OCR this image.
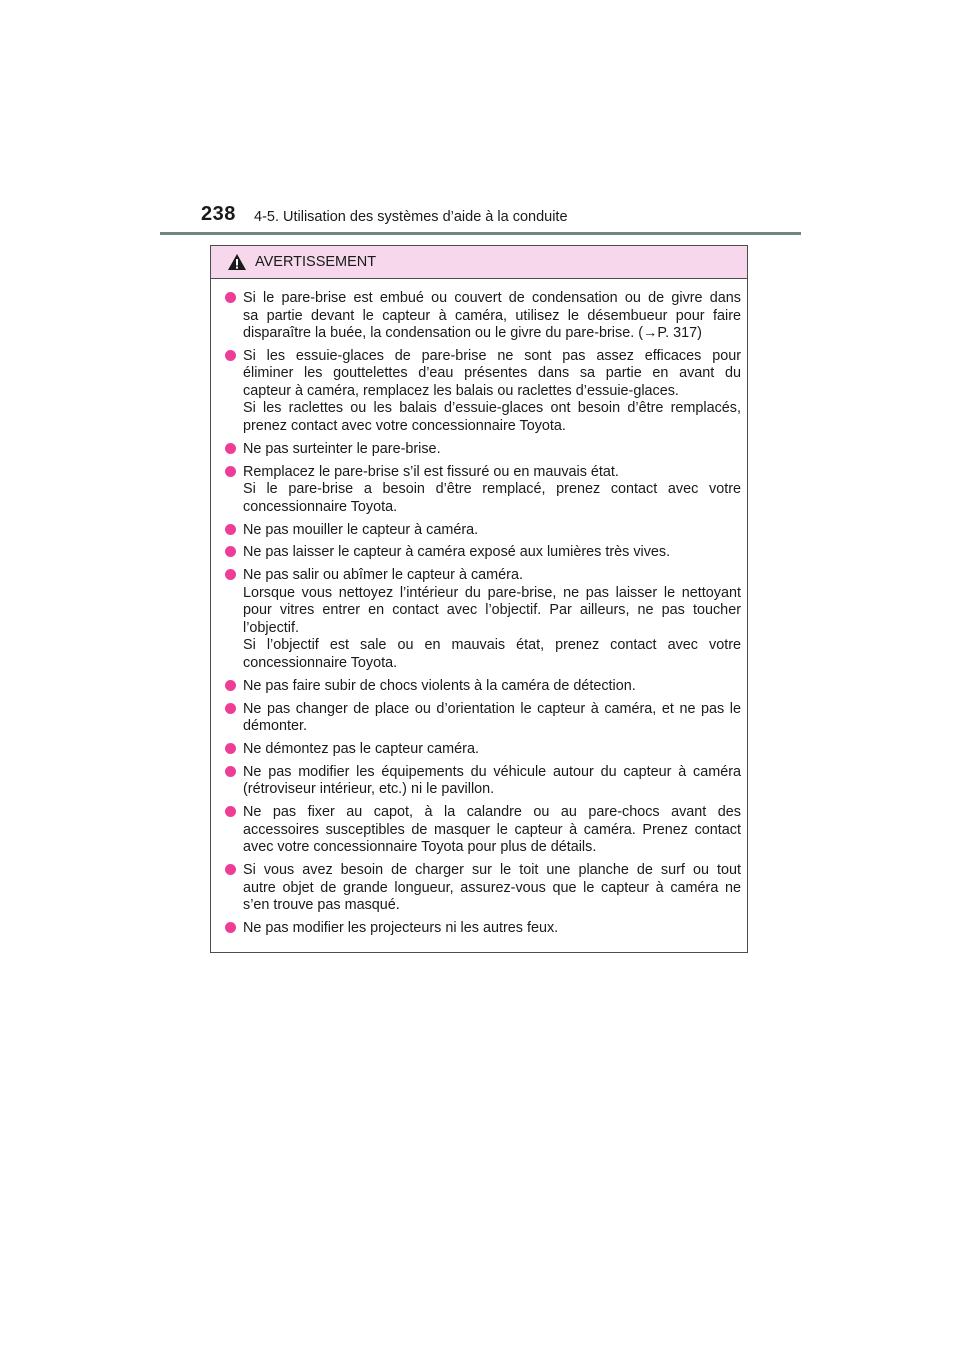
238 4-5. Utilisation des systèmes d’aide à la conduite
AVERTISSEMENT
Si le pare-brise est embué ou couvert de condensation ou de givre dans
sa partie devant le capteur à caméra, utilisez le désembueur pour faire
disparaître la buée, la condensation ou le givre du pare-brise. (→P. 317)
Si les essuie-glaces de pare-brise ne sont pas assez efficaces pour
éliminer les gouttelettes d’eau présentes dans sa partie en avant du
capteur à caméra, remplacez les balais ou raclettes d’essuie-glaces.
Si les raclettes ou les balais d’essuie-glaces ont besoin d’être remplacés,
prenez contact avec votre concessionnaire Toyota.
Ne pas surteinter le pare-brise.
Remplacez le pare-brise s’il est fissuré ou en mauvais état.
Si le pare-brise a besoin d’être remplacé, prenez contact avec votre
concessionnaire Toyota.
Ne pas mouiller le capteur à caméra.
Ne pas laisser le capteur à caméra exposé aux lumières très vives.
Ne pas salir ou abîmer le capteur à caméra.
Lorsque vous nettoyez l’intérieur du pare-brise, ne pas laisser le nettoyant
pour vitres entrer en contact avec l’objectif. Par ailleurs, ne pas toucher
l’objectif.
Si l’objectif est sale ou en mauvais état, prenez contact avec votre
concessionnaire Toyota.
Ne pas faire subir de chocs violents à la caméra de détection.
Ne pas changer de place ou d’orientation le capteur à caméra, et ne pas le
démonter.
Ne démontez pas le capteur caméra.
Ne pas modifier les équipements du véhicule autour du capteur à caméra
(rétroviseur intérieur, etc.) ni le pavillon.
Ne pas fixer au capot, à la calandre ou au pare-chocs avant des
accessoires susceptibles de masquer le capteur à caméra. Prenez contact
avec votre concessionnaire Toyota pour plus de détails.
Si vous avez besoin de charger sur le toit une planche de surf ou tout
autre objet de grande longueur, assurez-vous que le capteur à caméra ne
s’en trouve pas masqué.
Ne pas modifier les projecteurs ni les autres feux.
